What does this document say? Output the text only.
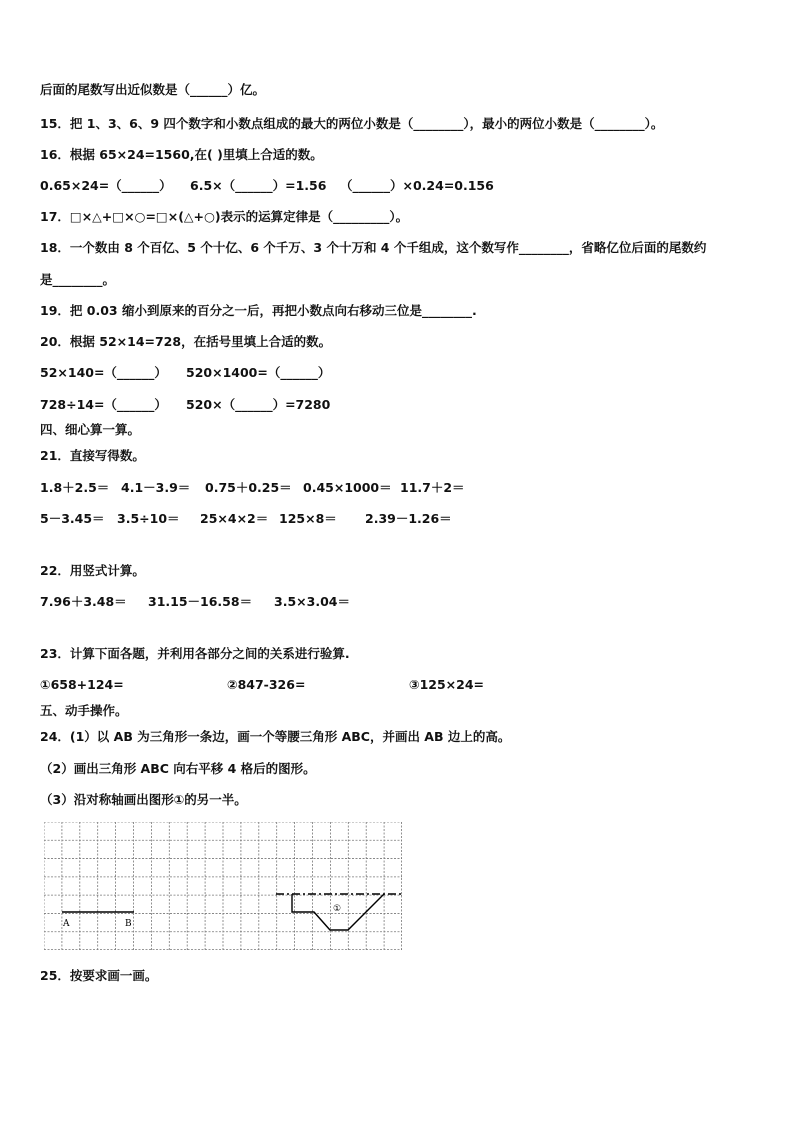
后面的尾数写出近似数是（______）亿。
15．把 1、3、6、9 四个数字和小数点组成的最大的两位小数是（________），最小的两位小数是（________）。
16．根据 65×24=1560,在( )里填上合适的数。
0.65×24=（______） 6.5×（______）=1.56 （______）×0.24=0.156
17．□×△+□×○=□×(△+○)表示的运算定律是（_________）。
18．一个数由 8 个百亿、5 个十亿、6 个千万、3 个十万和 4 个千组成，这个数写作________，省略亿位后面的尾数约
是________。
19．把 0.03 缩小到原来的百分之一后，再把小数点向右移动三位是________.
20．根据 52×14=728，在括号里填上合适的数。
52×140=（______） 520×1400=（______）
728÷14=（______） 520×（______）=7280
四、细心算一算。
21．直接写得数。
1.8＋2.5＝ 4.1－3.9＝ 0.75＋0.25＝ 0.45×1000＝ 11.7＋2＝
5－3.45＝ 3.5÷10＝ 25×4×2＝ 125×8＝ 2.39－1.26＝
22．用竖式计算。
7.96＋3.48＝ 31.15－16.58＝ 3.5×3.04＝
23．计算下面各题，并利用各部分之间的关系进行验算.
①658+124=	②847-326=	③125×24=
五、动手操作。
24．(1）以 AB 为三角形一条边，画一个等腰三角形 ABC，并画出 AB 边上的高。
（2）画出三角形 ABC 向右平移 4 格后的图形。
（3）沿对称轴画出图形①的另一半。
A	B
①
25．按要求画一画。
